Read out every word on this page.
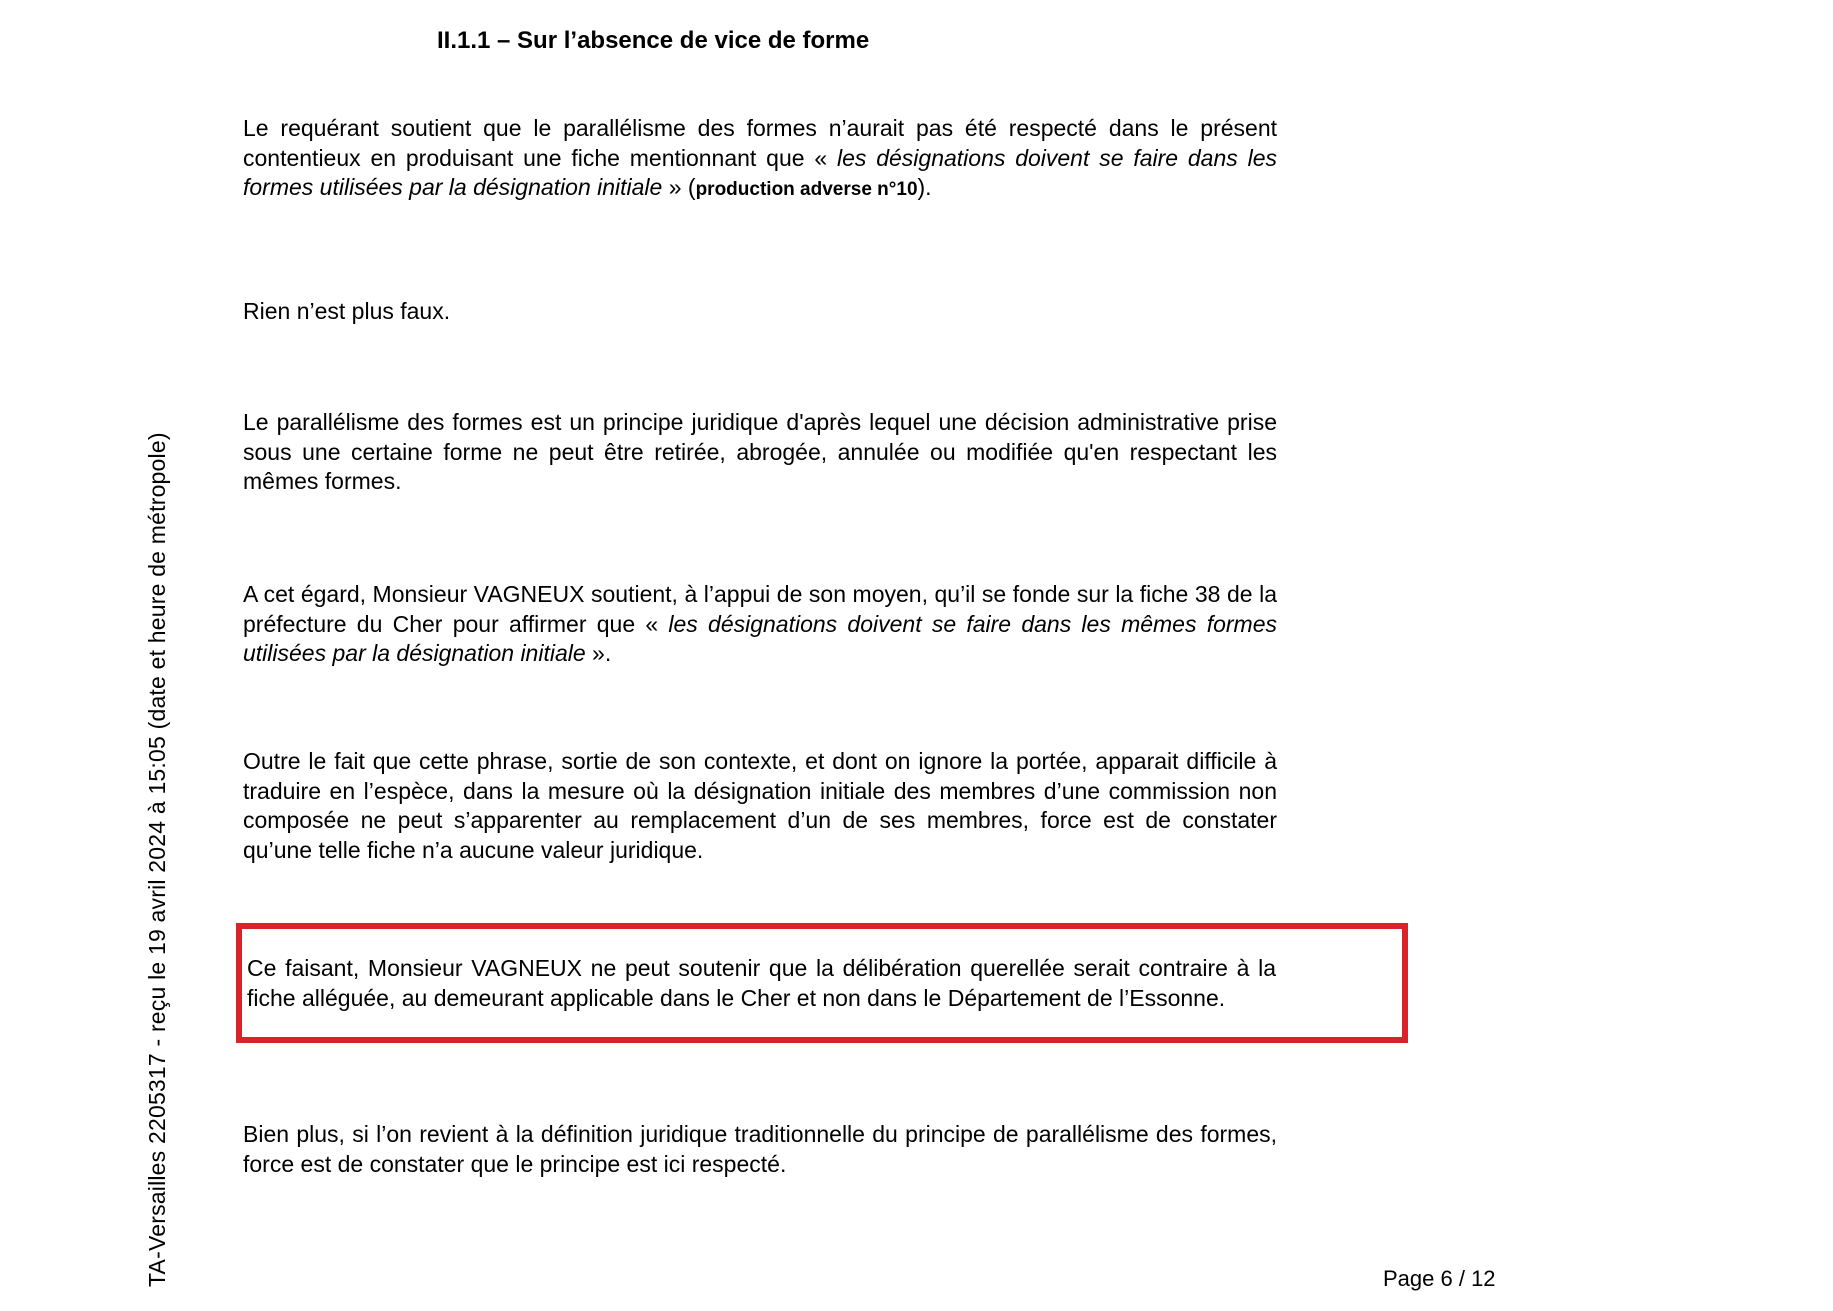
TA-Versailles 2205317 - reçu le 19 avril 2024 à 15:05 (date et heure de métropole)
II.1.1 – Sur l’absence de vice de forme

Le requérant soutient que le parallélisme des formes n’aurait pas été respecté dans le présent contentieux en produisant une fiche mentionnant que « les désignations doivent se faire dans les formes utilisées par la désignation initiale » (production adverse n°10).

Rien n’est plus faux.

Le parallélisme des formes est un principe juridique d'après lequel une décision administrative prise sous une certaine forme ne peut être retirée, abrogée, annulée ou modifiée qu'en respectant les mêmes formes.

A cet égard, Monsieur VAGNEUX soutient, à l’appui de son moyen, qu’il se fonde sur la fiche 38 de la préfecture du Cher pour affirmer que « les désignations doivent se faire dans les mêmes formes utilisées par la désignation initiale ».

Outre le fait que cette phrase, sortie de son contexte, et dont on ignore la portée, apparait difficile à traduire en l’espèce, dans la mesure où la désignation initiale des membres d’une commission non composée ne peut s’apparenter au remplacement d’un de ses membres, force est de constater qu’une telle fiche n’a aucune valeur juridique.

Ce faisant, Monsieur VAGNEUX ne peut soutenir que la délibération querellée serait contraire à la fiche alléguée, au demeurant applicable dans le Cher et non dans le Département de l’Essonne.

Bien plus, si l’on revient à la définition juridique traditionnelle du principe de parallélisme des formes, force est de constater que le principe est ici respecté.

Page 6 / 12
